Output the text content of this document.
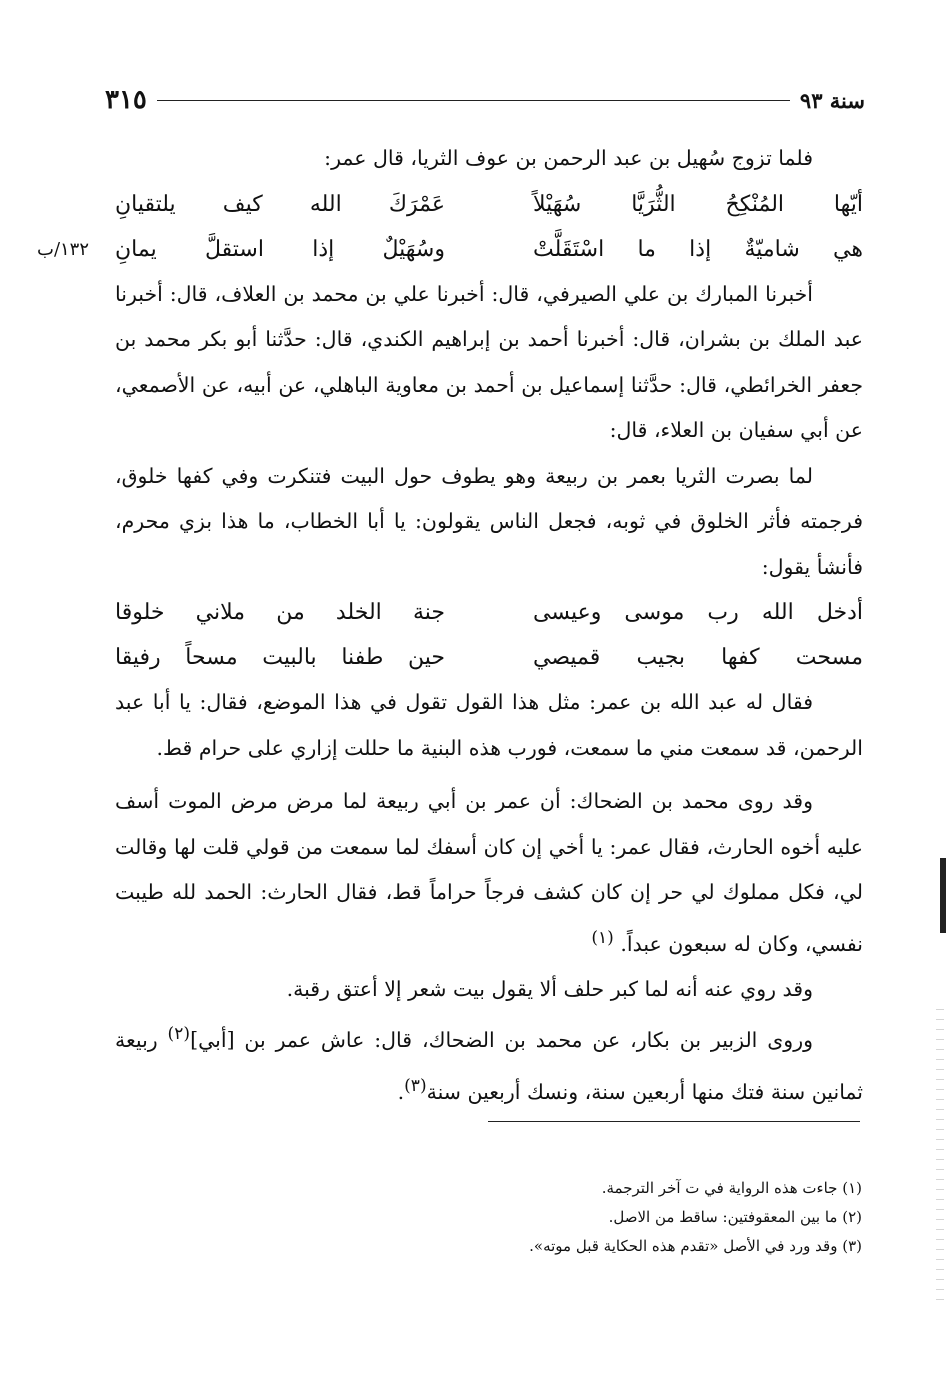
سنة ٩٣
٣١٥

فلما تزوج سُهيل بن عبد الرحمن بن عوف الثريا، قال عمر:

أيّها المُنْكِحُ الثُّرَيَّا سُهَيْلاً
عَمْرَكَ الله كيف يلتقيانِ
هي شاميّةٌ إذا ما اسْتَقَلَّتْ
وسُهَيْلٌ إذا استقلَّ يمانِ
١٣٢/ب

أخبرنا المبارك بن علي الصيرفي، قال: أخبرنا علي بن محمد بن العلاف، قال: أخبرنا عبد الملك بن بشران، قال: أخبرنا أحمد بن إبراهيم الكندي، قال: حدَّثنا أبو بكر محمد بن جعفر الخرائطي، قال: حدَّثنا إسماعيل بن أحمد بن معاوية الباهلي، عن أبيه، عن الأصمعي، عن أبي سفيان بن العلاء، قال:

لما بصرت الثريا بعمر بن ربيعة وهو يطوف حول البيت فتنكرت وفي كفها خلوق، فرجمته فأثر الخلوق في ثوبه، فجعل الناس يقولون: يا أبا الخطاب، ما هذا بزي محرم، فأنشأ يقول:

أدخل الله رب موسى وعيسى
جنة الخلد من ملاني خلوقا
مسحت كفها بجيب قميصي
حين طفنا بالبيت مسحاً رفيقا

فقال له عبد الله بن عمر: مثل هذا القول تقول في هذا الموضع، فقال: يا أبا عبد الرحمن، قد سمعت مني ما سمعت، فورب هذه البنية ما حللت إزاري على حرام قط.

وقد روى محمد بن الضحاك: أن عمر بن أبي ربيعة لما مرض مرض الموت أسف عليه أخوه الحارث، فقال عمر: يا أخي إن كان أسفك لما سمعت من قولي قلت لها وقالت لي، فكل مملوك لي حر إن كان كشف فرجاً حراماً قط، فقال الحارث: الحمد لله طيبت نفسي، وكان له سبعون عبداً. $^{(١)}$

وقد روي عنه أنه لما كبر حلف ألا يقول بيت شعر إلا أعتق رقبة.

وروى الزبير بن بكار، عن محمد بن الضحاك، قال: عاش عمر بن [أبي]$^{(٢)}$ ربيعة ثمانين سنة فتك منها أربعين سنة، ونسك أربعين سنة$^{(٣)}$.

(١) جاءت هذه الرواية في ت آخر الترجمة.
(٢) ما بين المعقوفتين: ساقط من الاصل.
(٣) وقد ورد في الأصل «تقدم هذه الحكاية قبل موته».
